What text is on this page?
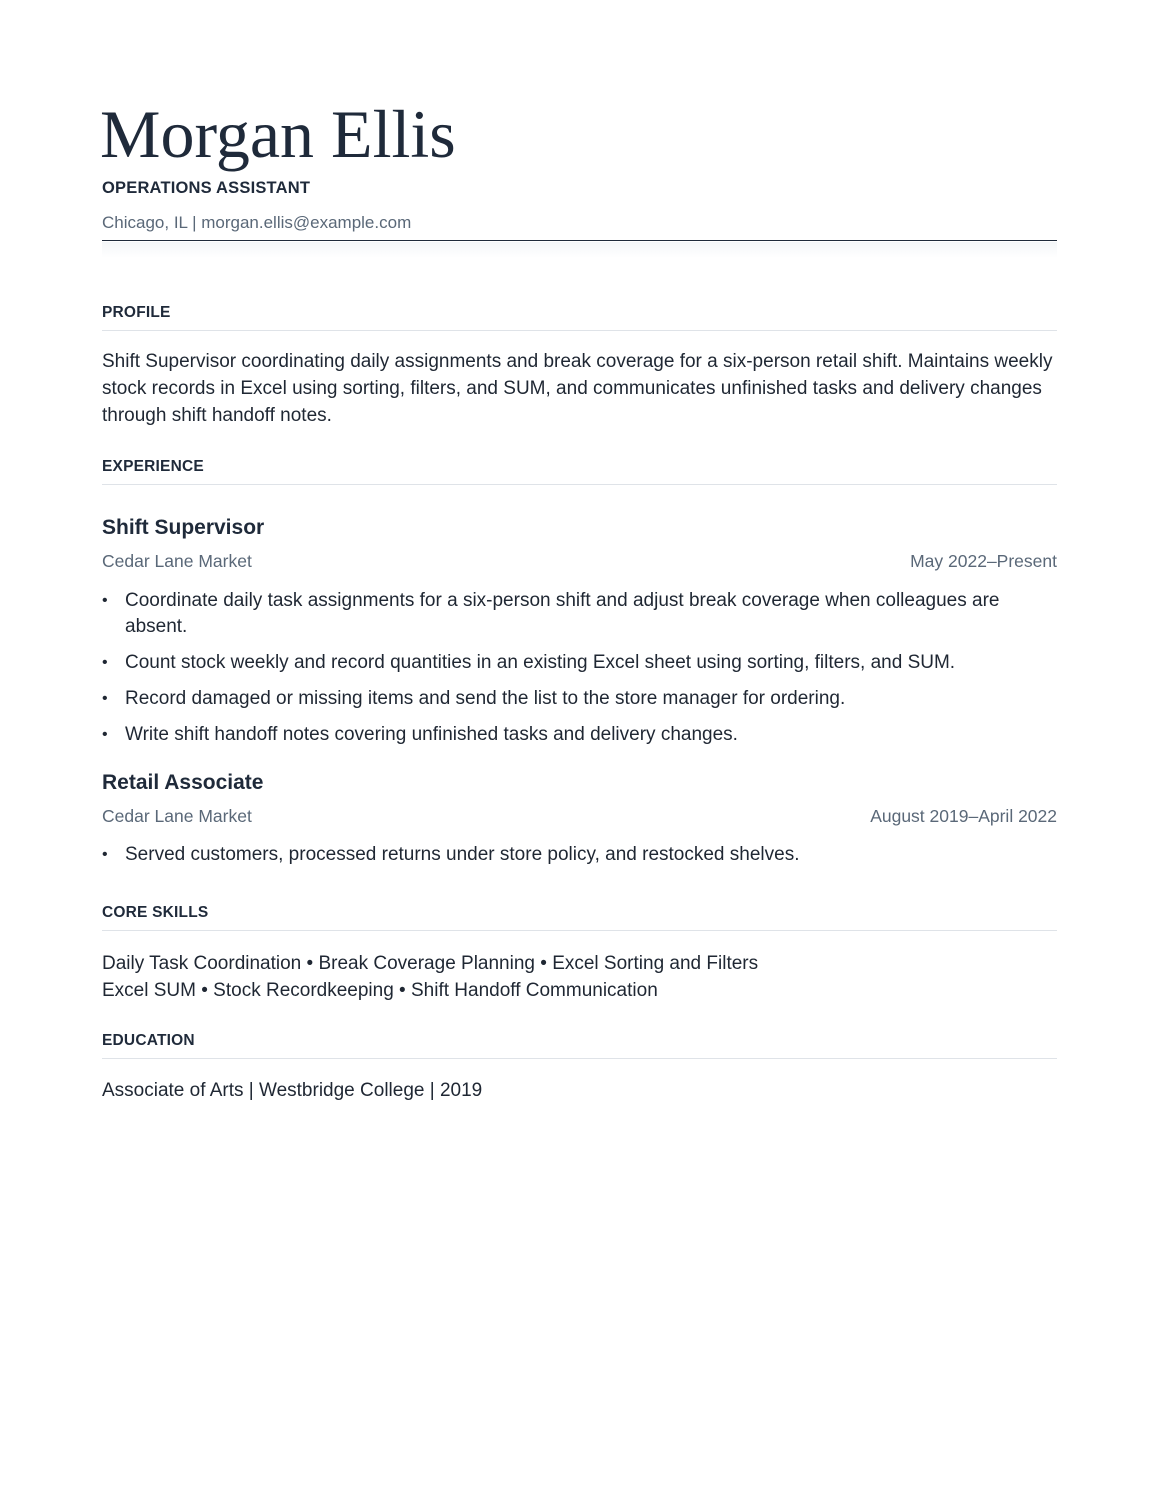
Morgan Ellis
OPERATIONS ASSISTANT
Chicago, IL | morgan.ellis@example.com
PROFILE
Shift Supervisor coordinating daily assignments and break coverage for a six-person retail shift. Maintains weekly stock records in Excel using sorting, filters, and SUM, and communicates unfinished tasks and delivery changes through shift handoff notes.
EXPERIENCE
Shift Supervisor
Cedar Lane Market	May 2022–Present
• Coordinate daily task assignments for a six-person shift and adjust break coverage when colleagues are absent.
• Count stock weekly and record quantities in an existing Excel sheet using sorting, filters, and SUM.
• Record damaged or missing items and send the list to the store manager for ordering.
• Write shift handoff notes covering unfinished tasks and delivery changes.
Retail Associate
Cedar Lane Market	August 2019–April 2022
• Served customers, processed returns under store policy, and restocked shelves.
CORE SKILLS
Daily Task Coordination • Break Coverage Planning • Excel Sorting and Filters
Excel SUM • Stock Recordkeeping • Shift Handoff Communication
EDUCATION
Associate of Arts | Westbridge College | 2019
